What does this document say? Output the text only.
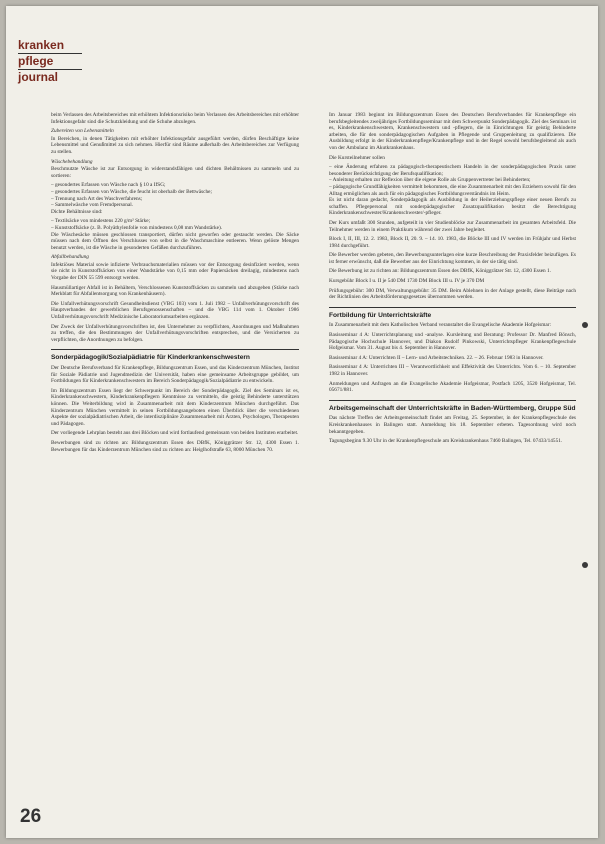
kranken
pflege
journal
beim Verlassen des Arbeitsbereiches mit erhöhtem Infektionsrisiko beim Verlassen des Arbeitsbereiches mit erhöhter Infektionsgefahr sind die Schutzkleidung und die Schuhe abzulegen.
Zubereiten von Lebensmitteln
In Bereichen, in denen Tätigkeiten mit erhöhter Infektionsgefahr ausgeführt werden, dürfen Beschäftigte keine Lebensmittel und Genußmittel zu sich nehmen. Hierfür sind Räume außerhalb des Arbeitsbereiches zur Verfügung zu stellen.
Wäschebehandlung
Beschmutzte Wäsche ist zur Entsorgung in widerstandsfähigen und dichten Behältnissen zu sammeln und zu sortieren:
– gesondertes Erfassen von Wäsche nach § 10 a IfSG;
– gesondertes Erfassen von Wäsche, die feucht ist oberhalb der Bettwäsche;
– Trennung nach Art des Waschverfahrens;
– Sammelwäsche vom Fremdpersonal.
Dichte Behältnisse sind:
– Textilsäcke von mindestens 220 g/m² Stärke;
– Kunststoffsäcke (z. B. Polyäthylenfolie von mindestens 0,08 mm Wandstärke).
Die Wäschesäcke müssen geschlossen transportiert, dürfen nicht geworfen oder gestaucht werden. Die Säcke müssen nach dem Öffnen des Verschlusses von selbst in die Waschmaschine entleeren. Wenn gelöste Mengen benutzt werden, ist die Wäsche in gesonderten Gefäßen durchzuführen.
Abfallbehandlung
Infektiöses Material sowie infizierte Verbrauchsmaterialien müssen vor der Entsorgung desinfiziert werden, wenn sie nicht in Kunststoffsäcken von einer Wandstärke von 0,15 mm oder Papiersäcken dreilagig, mindestens nach Vorgabe der DIN 55 599 entsorgt werden.
Hausmüllartiger Abfall ist in Behältern, Verschlossenen Kunststoffsäcken zu sammeln und abzugeben (Stärke nach Merkblatt für Abfallentsorgung von Krankenhäusern).
Die Unfallverhütungsvorschrift Gesundheitsdienst (VBG 103) vom 1. Juli 1982 – Unfallverhütungsvorschrift des Hauptverbandes der gewerblichen Berufsgenossenschaften – und die VBG 114 vom 1. Oktober 1986 Unfallverhütungsvorschrift Medizinische Laboratoriumsarbeiten ergänzen.
Der Zweck der Unfallverhütungsvorschriften ist, den Unternehmer zu verpflichten, Anordnungen und Maßnahmen zu treffen, die den Bestimmungen der Unfallverhütungsvorschriften entsprechen, und die Versicherten zu verpflichten, die Anordnungen zu befolgen.
Sonderpädagogik/Sozialpädiatrie für Kinderkrankenschwestern
Der Deutsche Berufsverband für Krankenpflege, Bildungszentrum Essen, und das Kinderzentrum München, Institut für Soziale Pädiatrie und Jugendmedizin der Universität, haben eine gemeinsame Arbeitsgruppe gebildet, um Fortbildungen für Kinderkrankenschwestern im Bereich Sonderpädagogik/Sozialpädiatrie zu entwickeln.
Im Bildungszentrum Essen liegt der Schwerpunkt im Bereich der Sonderpädagogik. Ziel des Seminars ist es, Kinderkrankenschwestern, Kinderkrankenpflegern Kenntnisse zu vermitteln, die geistig Behinderte unterstützen können. Die Weiterbildung wird in Zusammenarbeit mit dem Kinderzentrum München durchgeführt. Das Kinderzentrum München vermittelt in seinen Fortbildungsangeboten einen Überblick über die verschiedenen Aspekte der sozialpädiatrischen Arbeit, die interdisziplinäre Zusammenarbeit mit Ärzten, Psychologen, Therapeuten und Pädagogen.
Der vorliegende Lehrplan besteht aus drei Blöcken und wird fortlaufend gemeinsam von beiden Instituten erarbeitet.
Bewerbungen sind zu richten an: Bildungszentrum Essen des DBfK, Königgrätzer Str. 12, 4300 Essen 1. Bewerbungen für das Kinderzentrum München sind zu richten an: Heiglhofstraße 63, 8000 München 70.
Im Januar 1983 beginnt im Bildungszentrum Essen des Deutschen Berufsverbandes für Krankenpflege ein berufsbegleitendes zweijähriges Fortbildungsseminar mit dem Schwerpunkt Sonderpädagogik. Ziel des Seminars ist es, Kinderkrankenschwestern, Krankenschwestern und -pflegern, die in Einrichtungen für geistig Behinderte arbeiten, die für den sonderpädagogischen Aufgaben in Pflegende und Gruppenleitung zu qualifizieren. Die Ausbildung erfolgt in der Kinderkrankenpflege/Krankenpflege und in der Regel sowohl berufsbegleitend als auch von der Ambulanz im Akutkrankenhaus.
Die Kursteilnehmer sollen
– eine Änderung erfahren zu pädagogisch-therapeutischem Handeln in der sonderpädagogischen Praxis unter besonderer Berücksichtigung der Berufsqualifikation;
– Anleitung erhalten zur Reflexion über die eigene Rolle als Gruppenvertreter bei Behinderten;
– pädagogische Grundfähigkeiten vermittelt bekommen, die eine Zusammenarbeit mit den Erziehern sowohl für den Alltag ermöglichen als auch für ein pädagogisches Fortbildungsverständnis im Heim.
Es ist nicht daran gedacht, Sonderpädagogik als Ausbildung in der Heilerziehungspflege einer neuen Berufs zu schaffen. Pflegepersonal mit sonderpädagogischer Zusatzqualifikation besitzt die Berechtigung Kinderkrankenschwester/Krankenschwester/-pfleger.
Der Kurs umfaßt 300 Stunden, aufgeteilt in vier Studienblöcke zur Zusammenarbeit im gesamten Arbeitsfeld. Die Teilnehmer werden in einem Praktikum während der zwei Jahre begleitet.
Block I, II, III, 12. 2. 1983, Block II, 20. 9. – 14. 10. 1983, die Blöcke III und IV werden im Frühjahr und Herbst 1984 durchgeführt.
Die Bewerber werden gebeten, den Bewerbungsunterlagen eine kurze Beschreibung der Praxisfelder beizufügen. Es ist ferner erwünscht, daß die Bewerber aus der Einrichtung kommen, in der sie tätig sind.
Die Bewerbung ist zu richten an: Bildungszentrum Essen des DBfK, Königgrätzer Str. 12, 4300 Essen 1.
Kursgebühr Block I u. II je 540 DM 1730 DM Block III u. IV je 370 DM
Prüfungsgebühr: 300 DM, Verwaltungsgebühr: 35 DM. Beim Ablehnen in der Anlage gestellt, diese Beiträge nach der Richtlinien des Arbeitsförderungsgesetzes übernommen werden.
Fortbildung für Unterrichtskräfte
In Zusammenarbeit mit dem Katholischen Verband veranstaltet die Evangelische Akademie Hofgeismar:
Basisseminar 4 A: Unterrichtsplanung und -analyse. Kursleitung und Beratung: Professor Dr. Manfred Bönsch, Pädagogische Hochschule Hannover, und Diakon Rudolf Pinkowski, Unterrichtspfleger Krankenpflegeschule Hofgeismar. Vom 31. August bis 4. September in Hannover.
Basisseminar 4 A: Unterrichten II – Lern- und Arbeitstechniken. 22. – 26. Februar 1983 in Hannover.
Basisseminar 4 A: Unterrichten III – Verantwortlichkeit und Effektivität des Unterrichts. Vom 6. – 10. September 1982 in Hannover.
Anmeldungen und Anfragen an die Evangelische Akademie Hofgeismar, Postfach 1205, 3520 Hofgeismar, Tel. 05671/881.
Arbeitsgemeinschaft der Unterrichtskräfte in Baden-Württemberg, Gruppe Süd
Das nächste Treffen der Arbeitsgemeinschaft findet am Freitag, 25. September, in der Krankenpflegeschule des Kreiskrankenhauses in Balingen statt. Anmeldung bis 18. September erbeten. Tagesordnung wird noch bekanntgegeben.
Tagungsbeginn 9.30 Uhr in der Krankenpflegeschule am Kreiskrankenhaus 7460 Balingen, Tel. 07433/14551.
26
